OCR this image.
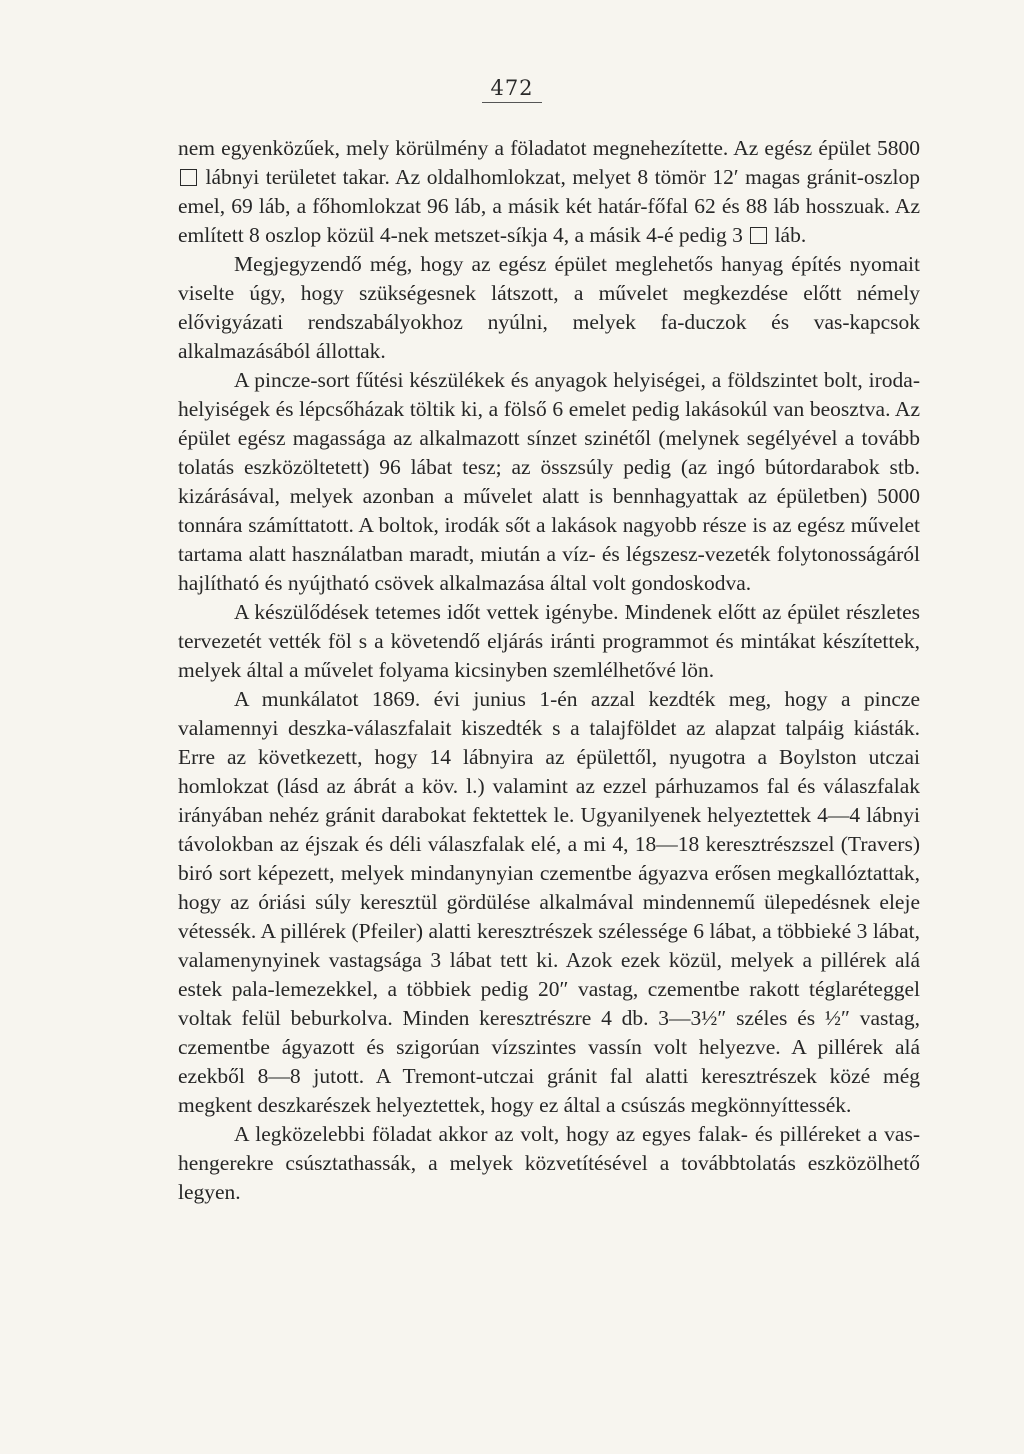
472

nem egyenközűek, mely körülmény a föladatot megnehezítette. Az egész épület 5800  lábnyi területet takar. Az oldalhomlokzat, melyet 8 tömör 12′ magas gránit-oszlop emel, 69 láb, a főhomlokzat 96 láb, a másik két határ-főfal 62 és 88 láb hosszuak. Az említett 8 oszlop közül 4-nek metszet-síkja 4, a másik 4-é pedig 3  láb.

Megjegyzendő még, hogy az egész épület meglehetős hanyag építés nyomait viselte úgy, hogy szükségesnek látszott, a művelet megkezdése előtt némely elővigyázati rendszabályokhoz nyúlni, melyek fa-duczok és vas-kapcsok alkalmazásából állottak.

A pincze-sort fűtési készülékek és anyagok helyiségei, a földszintet bolt, iroda-helyiségek és lépcsőházak töltik ki, a fölső 6 emelet pedig lakásokúl van beosztva. Az épület egész magassága az alkalmazott sínzet szinétől (melynek segélyével a tovább tolatás eszközöltetett) 96 lábat tesz; az összsúly pedig (az ingó bútordarabok stb. kizárásával, melyek azonban a művelet alatt is bennhagyattak az épületben) 5000 tonnára számíttatott. A boltok, irodák sőt a lakások nagyobb része is az egész művelet tartama alatt használatban maradt, miután a víz- és légszesz-vezeték folytonosságáról hajlítható és nyújtható csövek alkalmazása által volt gondoskodva.

A készülődések tetemes időt vettek igénybe. Mindenek előtt az épület részletes tervezetét vették föl s a követendő eljárás iránti programmot és mintákat készítettek, melyek által a művelet folyama kicsinyben szemlélhetővé lön.

A munkálatot 1869. évi junius 1-én azzal kezdték meg, hogy a pincze valamennyi deszka-válaszfalait kiszedték s a talajföldet az alapzat talpáig kiásták. Erre az következett, hogy 14 lábnyira az épülettől, nyugotra a Boylston utczai homlokzat (lásd az ábrát a köv. l.) valamint az ezzel párhuzamos fal és válaszfalak irányában nehéz gránit darabokat fektettek le. Ugyanilyenek helyeztettek 4—4 lábnyi távolokban az éjszak és déli válaszfalak elé, a mi 4, 18—18 keresztrészszel (Travers) biró sort képezett, melyek mindanynyian czementbe ágyazva erősen megkallóztattak, hogy az óriási súly keresztül gördülése alkalmával mindennemű ülepedésnek eleje vétessék. A pillérek (Pfeiler) alatti keresztrészek szélessége 6 lábat, a többieké 3 lábat, valamenynyinek vastagsága 3 lábat tett ki. Azok ezek közül, melyek a pillérek alá estek pala-lemezekkel, a többiek pedig 20″ vastag, czementbe rakott téglaréteggel voltak felül beburkolva. Minden keresztrészre 4 db. 3—3½″ széles és ½″ vastag, czementbe ágyazott és szigorúan vízszintes vassín volt helyezve. A pillérek alá ezekből 8—8 jutott. A Tremont-utczai gránit fal alatti keresztrészek közé még megkent deszkarészek helyeztettek, hogy ez által a csúszás megkönnyíttessék.

A legközelebbi föladat akkor az volt, hogy az egyes falak- és pilléreket a vas-hengerekre csúsztathassák, a melyek közvetítésével a továbbtolatás eszközölhető legyen.
